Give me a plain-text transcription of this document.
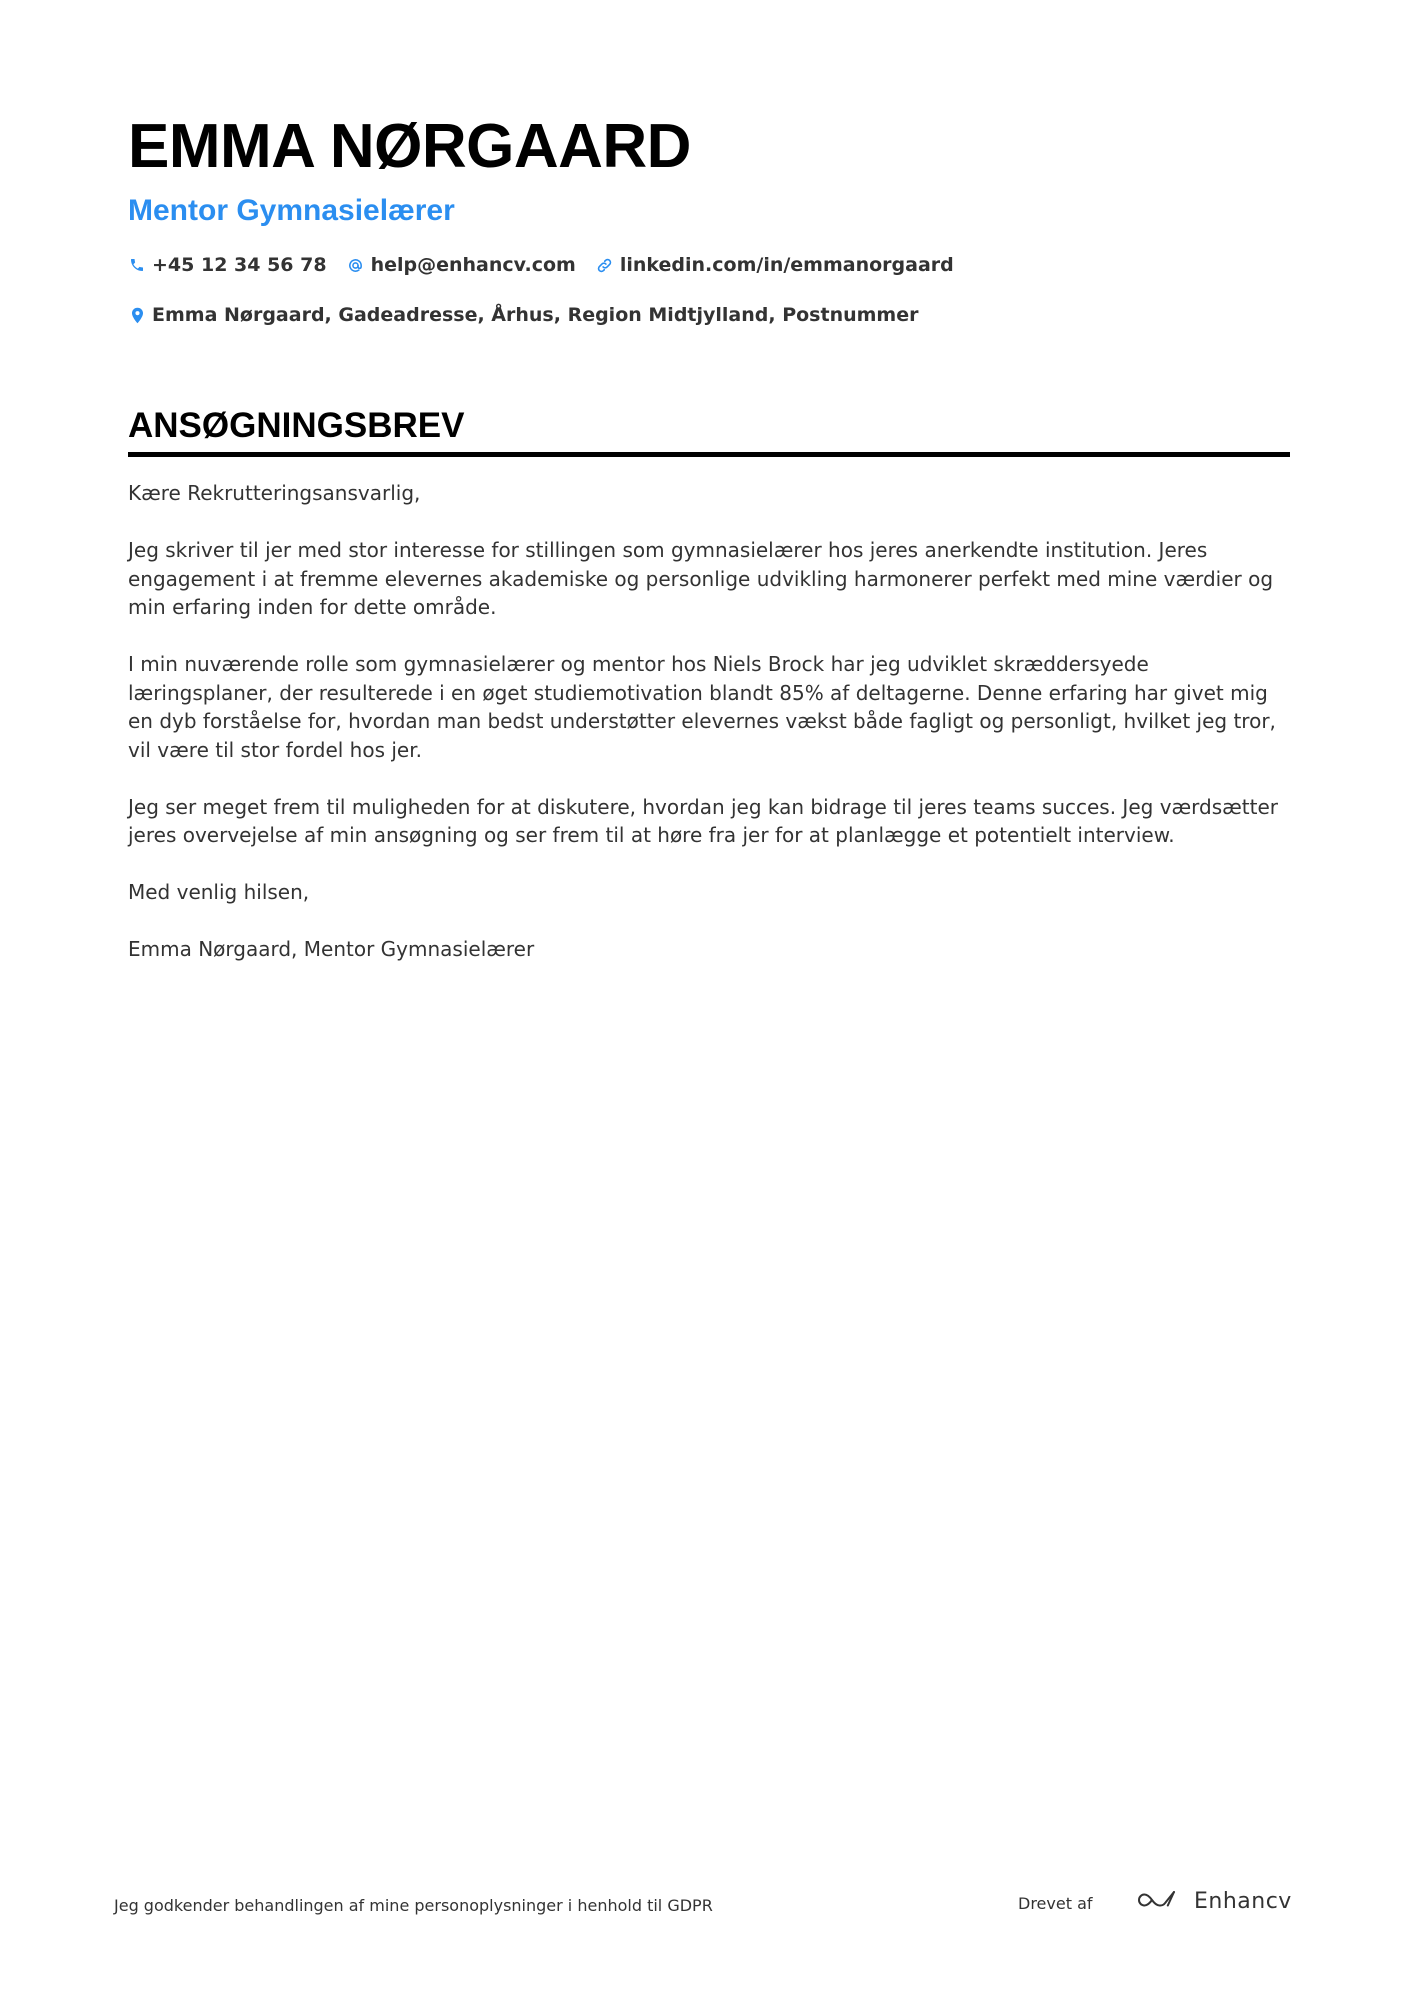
EMMA NØRGAARD
Mentor Gymnasielærer
+45 12 34 56 78 help@enhancv.com linkedin.com/in/emmanorgaard
Emma Nørgaard, Gadeadresse, Århus, Region Midtjylland, Postnummer
ANSØGNINGSBREV

Kære Rekrutteringsansvarlig,

Jeg skriver til jer med stor interesse for stillingen som gymnasielærer hos jeres anerkendte institution. Jeres engagement i at fremme elevernes akademiske og personlige udvikling harmonerer perfekt med mine værdier og min erfaring inden for dette område.

I min nuværende rolle som gymnasielærer og mentor hos Niels Brock har jeg udviklet skræddersyede læringsplaner, der resulterede i en øget studiemotivation blandt 85% af deltagerne. Denne erfaring har givet mig en dyb forståelse for, hvordan man bedst understøtter elevernes vækst både fagligt og personligt, hvilket jeg tror, vil være til stor fordel hos jer.

Jeg ser meget frem til muligheden for at diskutere, hvordan jeg kan bidrage til jeres teams succes. Jeg værdsætter jeres overvejelse af min ansøgning og ser frem til at høre fra jer for at planlægge et potentielt interview.

Med venlig hilsen,

Emma Nørgaard, Mentor Gymnasielærer

Jeg godkender behandlingen af mine personoplysninger i henhold til GDPR	Drevet af	Enhancv
